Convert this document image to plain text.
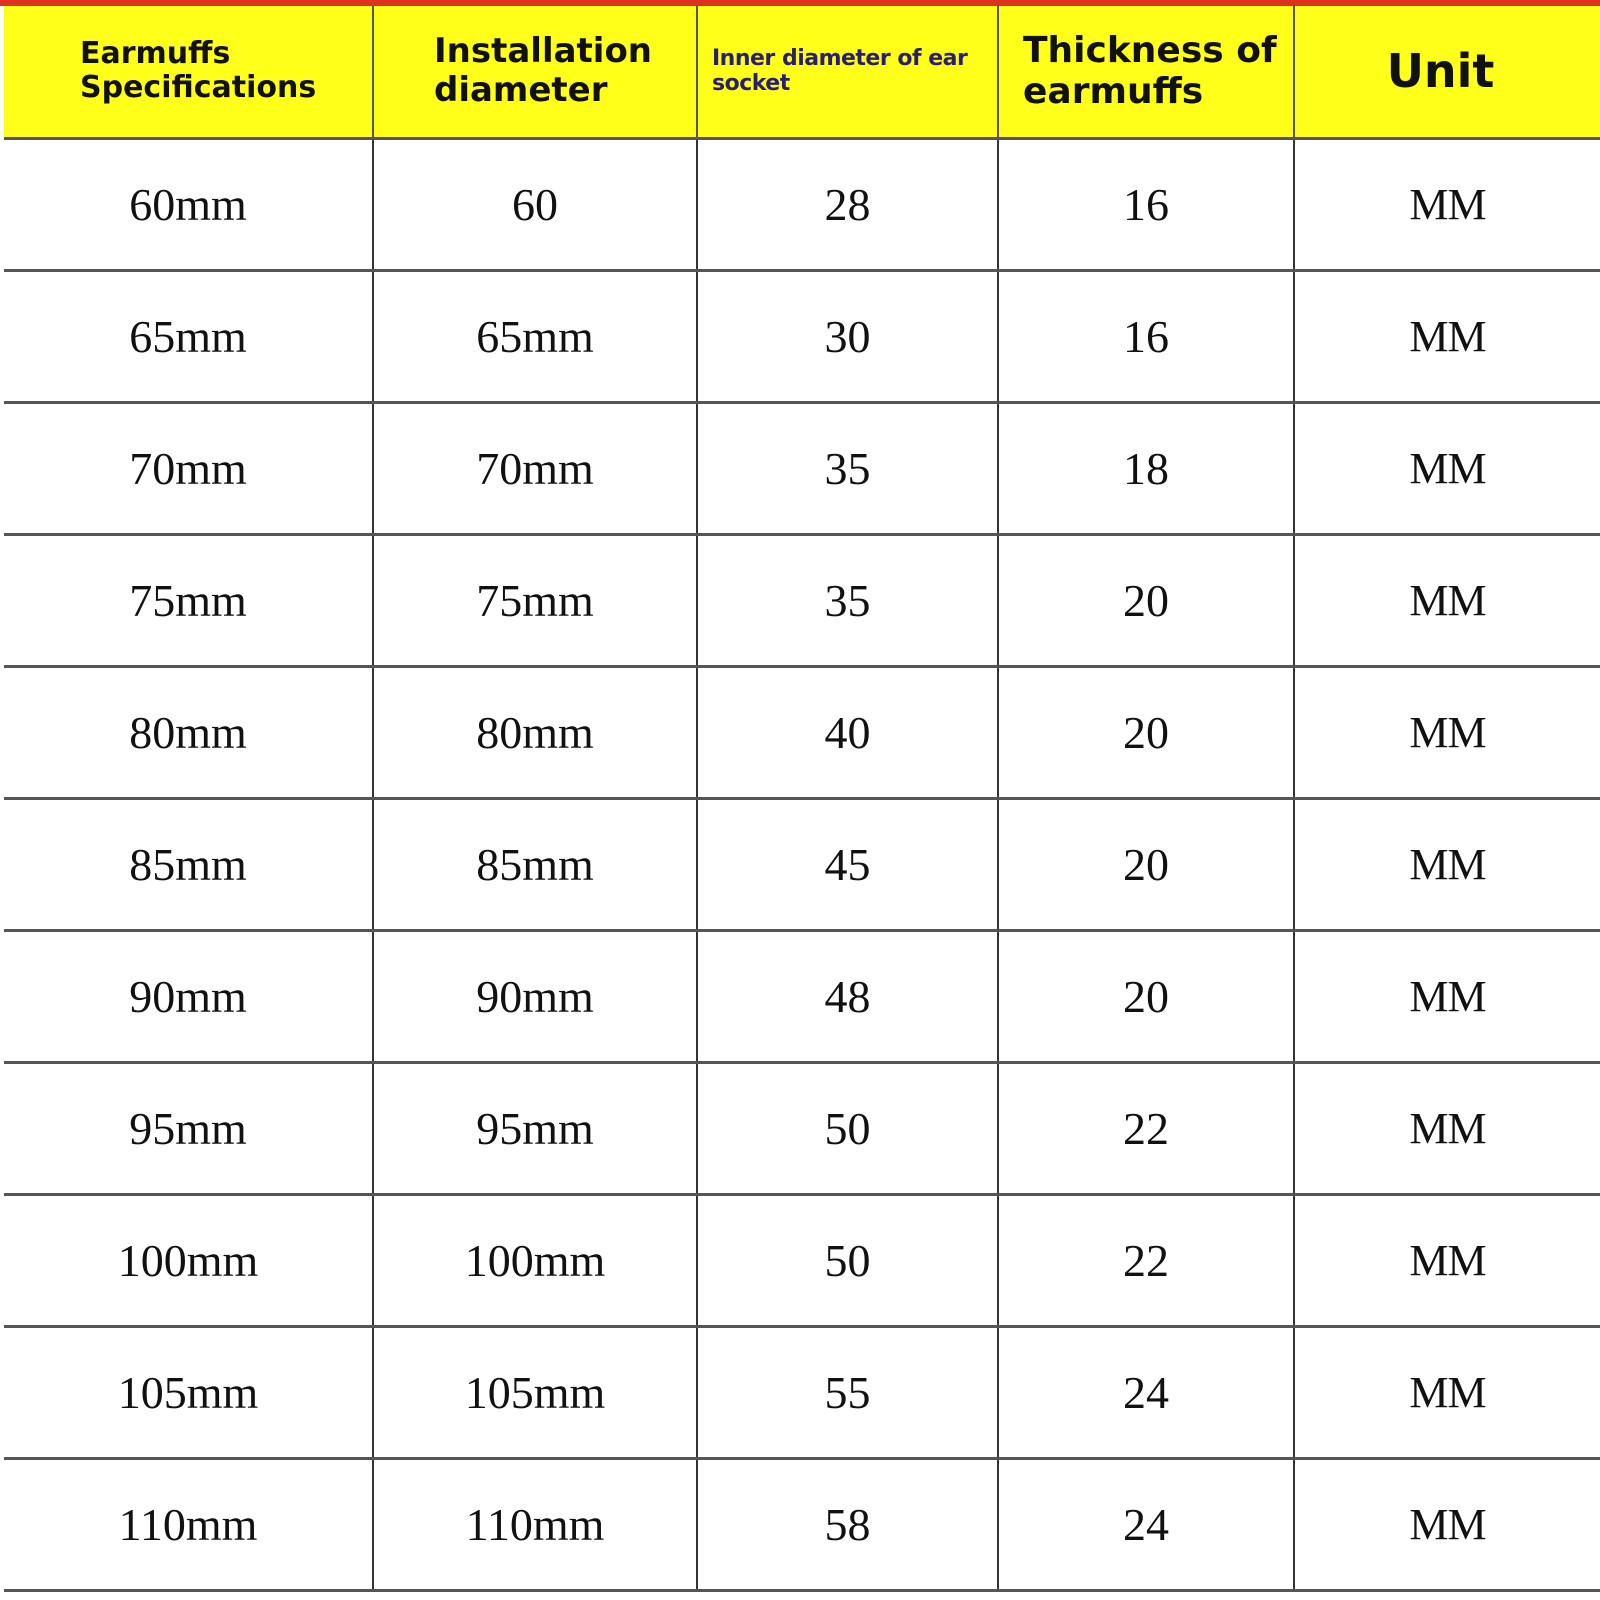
Earmuffs Specifications	Installation diameter	Inner diameter of ear socket	Thickness of earmuffs	Unit
60mm	60	28	16	MM
65mm	65mm	30	16	MM
70mm	70mm	35	18	MM
75mm	75mm	35	20	MM
80mm	80mm	40	20	MM
85mm	85mm	45	20	MM
90mm	90mm	48	20	MM
95mm	95mm	50	22	MM
100mm	100mm	50	22	MM
105mm	105mm	55	24	MM
110mm	110mm	58	24	MM
